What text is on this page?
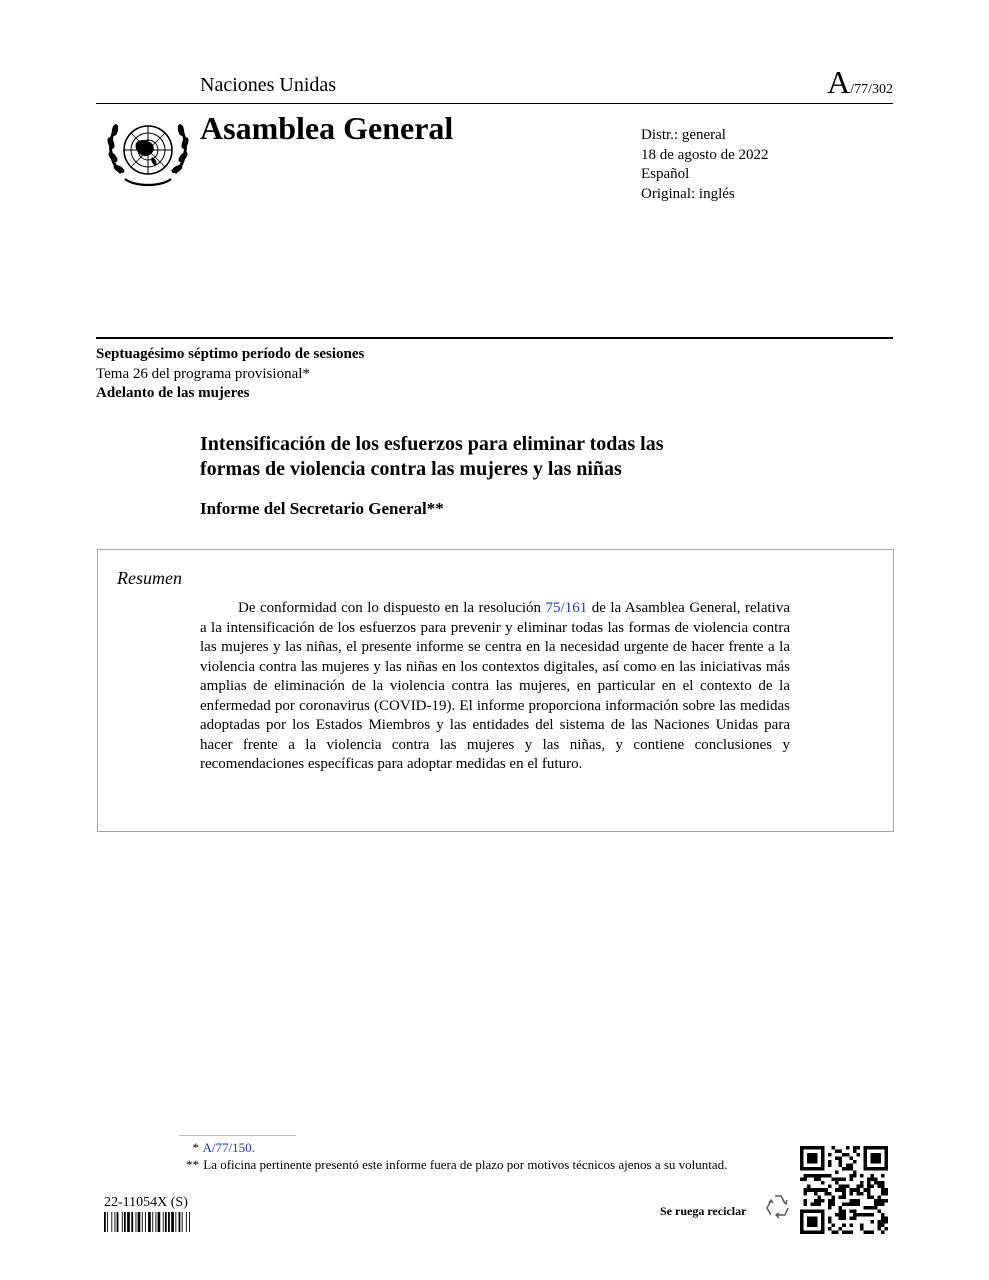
Naciones Unidas	A/77/302
Asamblea General	Distr.: general
18 de agosto de 2022
Español
Original: inglés
Septuagésimo séptimo período de sesiones
Tema 26 del programa provisional*
Adelanto de las mujeres
Intensificación de los esfuerzos para eliminar todas las
formas de violencia contra las mujeres y las niñas
Informe del Secretario General**
Resumen
De conformidad con lo dispuesto en la resolución 75/161 de la Asamblea General, relativa a la intensificación de los esfuerzos para prevenir y eliminar todas las formas de violencia contra las mujeres y las niñas, el presente informe se centra en la necesidad urgente de hacer frente a la violencia contra las mujeres y las niñas en los contextos digitales, así como en las iniciativas más amplias de eliminación de la violencia contra las mujeres, en particular en el contexto de la enfermedad por coronavirus (COVID-19). El informe proporciona información sobre las medidas adoptadas por los Estados Miembros y las entidades del sistema de las Naciones Unidas para hacer frente a la violencia contra las mujeres y las niñas, y contiene conclusiones y recomendaciones específicas para adoptar medidas en el futuro.
* A/77/150.
** La oficina pertinente presentó este informe fuera de plazo por motivos técnicos ajenos a su voluntad.
22-11054X (S)
Se ruega reciclar
